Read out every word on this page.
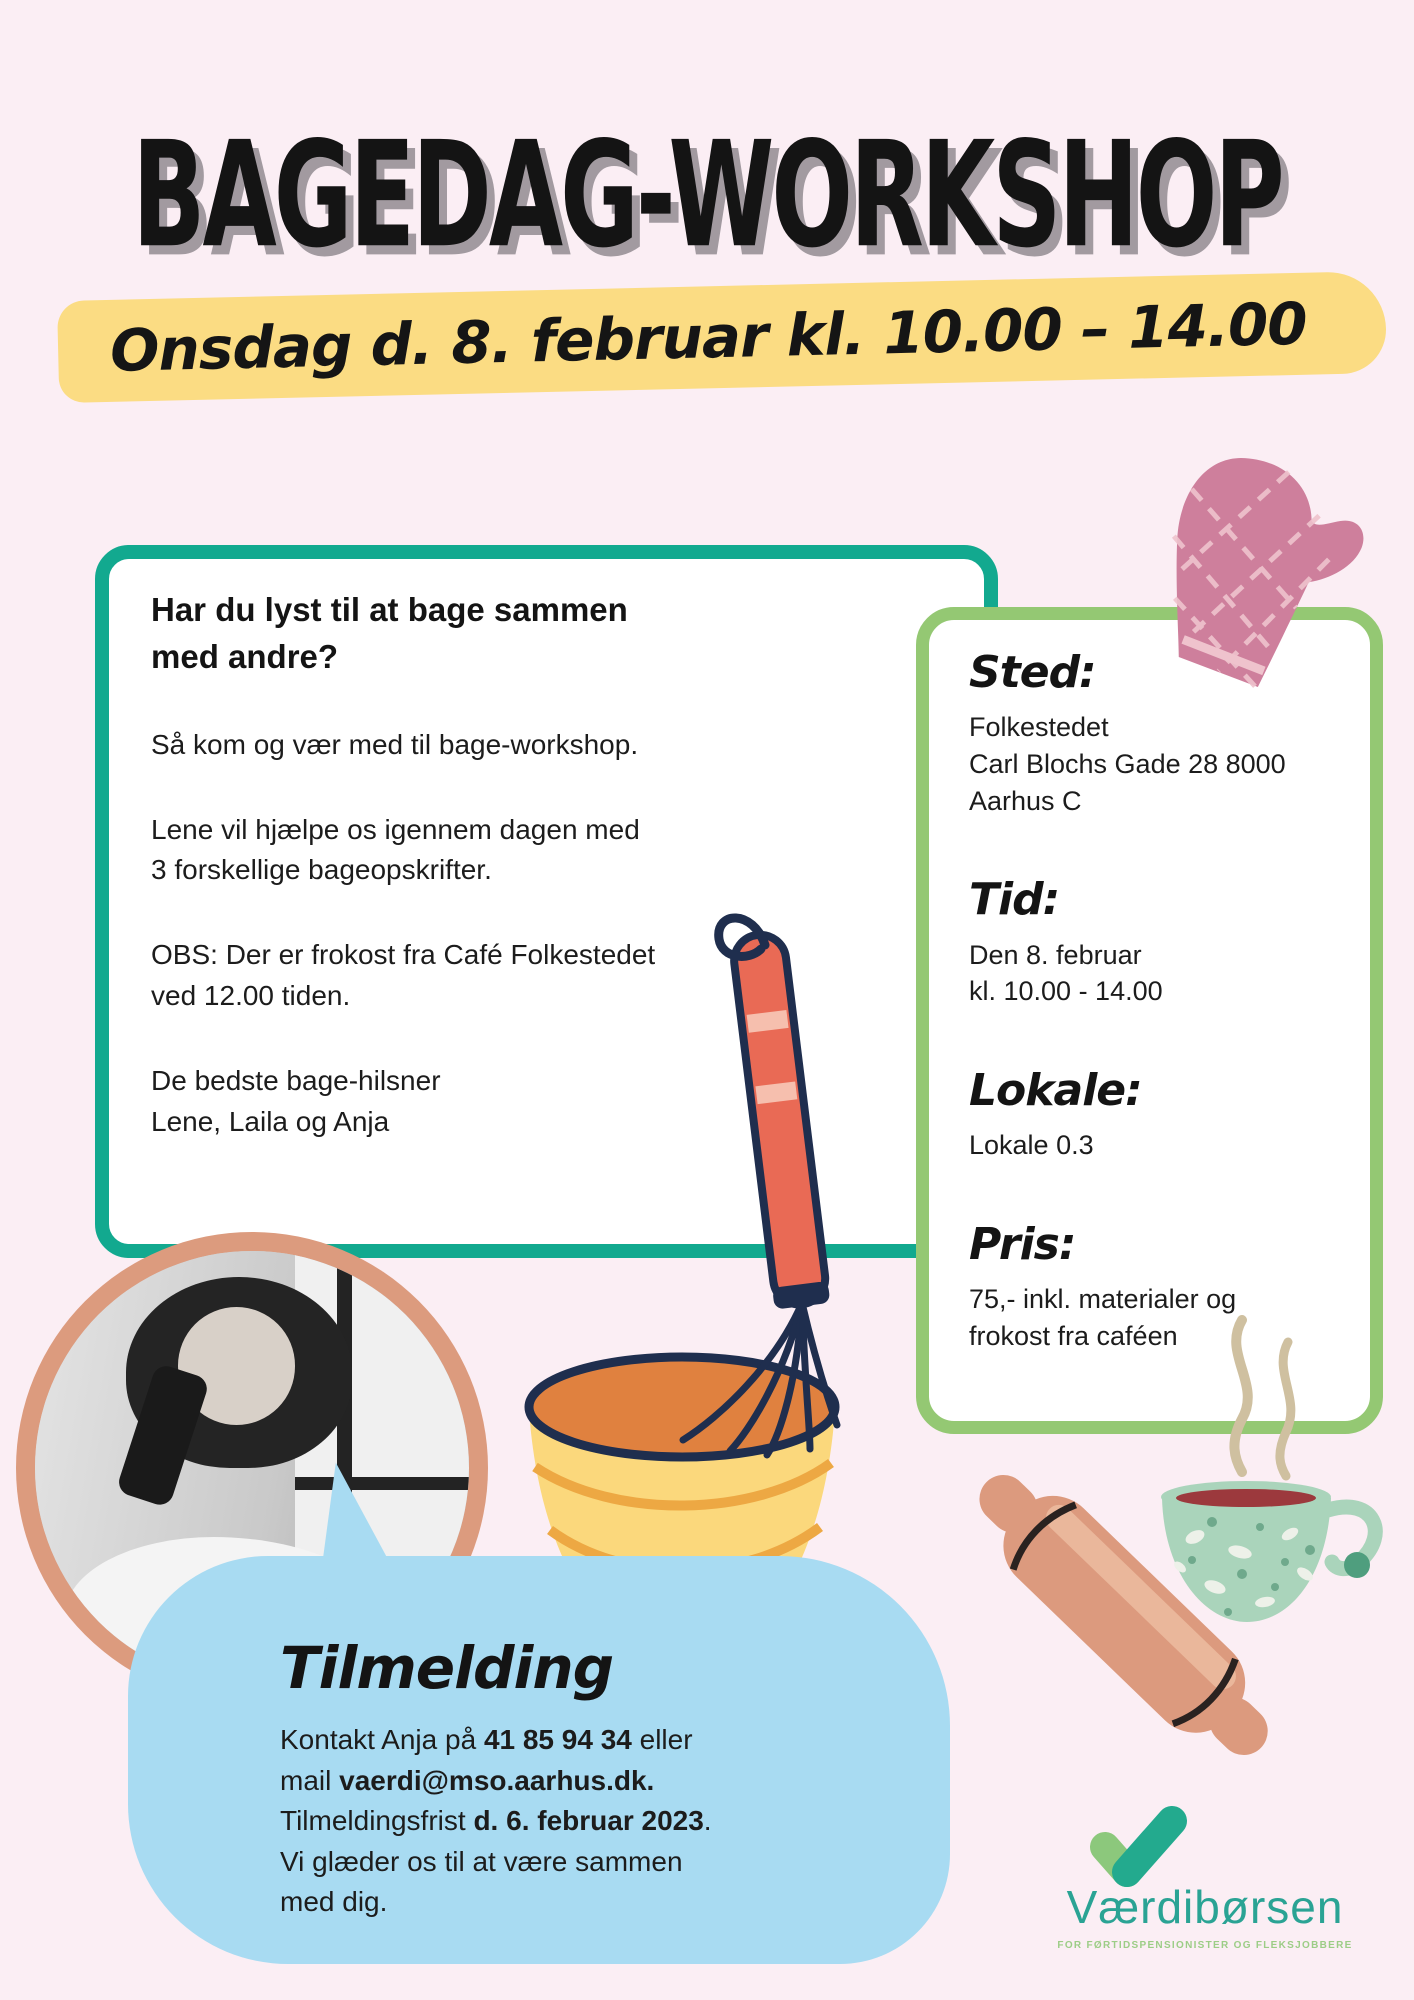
BAGEDAG-WORKSHOP
Onsdag d. 8. februar kl. 10.00 – 14.00
Har du lyst til at bage sammen
med andre?
Så kom og vær med til bage-workshop.
Lene vil hjælpe os igennem dagen med
3 forskellige bageopskrifter.
OBS: Der er frokost fra Café Folkestedet
ved 12.00 tiden.
De bedste bage-hilsner
Lene, Laila og Anja
Sted:
Folkestedet
Carl Blochs Gade 28 8000
Aarhus C
Tid:
Den 8. februar
kl. 10.00 - 14.00
Lokale:
Lokale 0.3
Pris:
75,- inkl. materialer og
frokost fra caféen
Tilmelding
Kontakt Anja på 41 85 94 34 eller
mail vaerdi@mso.aarhus.dk.
Tilmeldingsfrist d. 6. februar 2023.
Vi glæder os til at være sammen
med dig.	Værdibørsen
FOR FØRTIDSPENSIONISTER OG FLEKSJOBBERE
